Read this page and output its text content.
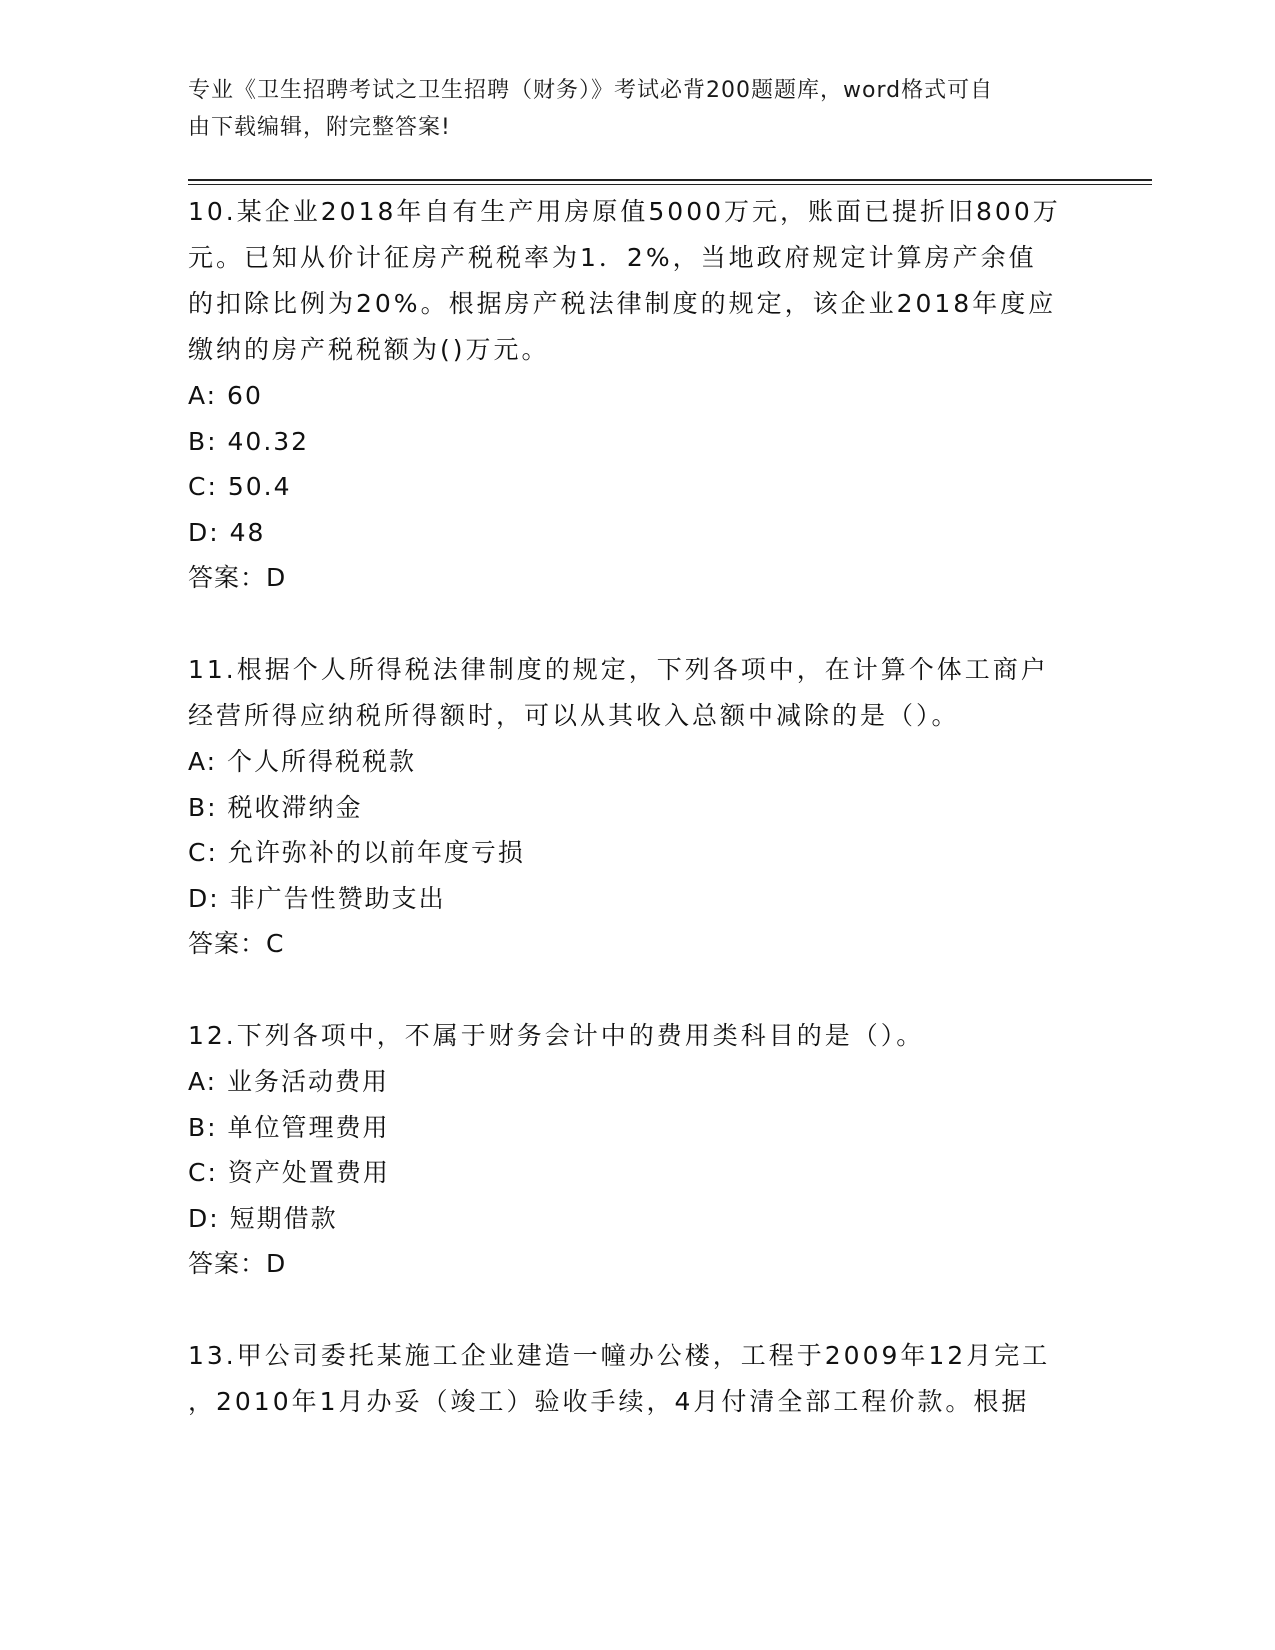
专业《卫生招聘考试之卫生招聘（财务）》考试必背200题题库，word格式可自
由下载编辑，附完整答案!

10.某企业2018年自有生产用房原值5000万元，账面已提折旧800万

元。已知从价计征房产税税率为1．2%，当地政府规定计算房产余值

的扣除比例为20%。根据房产税法律制度的规定，该企业2018年度应

缴纳的房产税税额为()万元。

A: 60

B: 40.32

C: 50.4

D: 48

答案：D

11.根据个人所得税法律制度的规定，下列各项中，在计算个体工商户

经营所得应纳税所得额时，可以从其收入总额中减除的是（）。

A: 个人所得税税款

B: 税收滞纳金

C: 允许弥补的以前年度亏损

D: 非广告性赞助支出

答案：C

12.下列各项中，不属于财务会计中的费用类科目的是（）。

A: 业务活动费用

B: 单位管理费用

C: 资产处置费用

D: 短期借款

答案：D

13.甲公司委托某施工企业建造一幢办公楼，工程于2009年12月完工

，2010年1月办妥（竣工）验收手续，4月付清全部工程价款。根据
